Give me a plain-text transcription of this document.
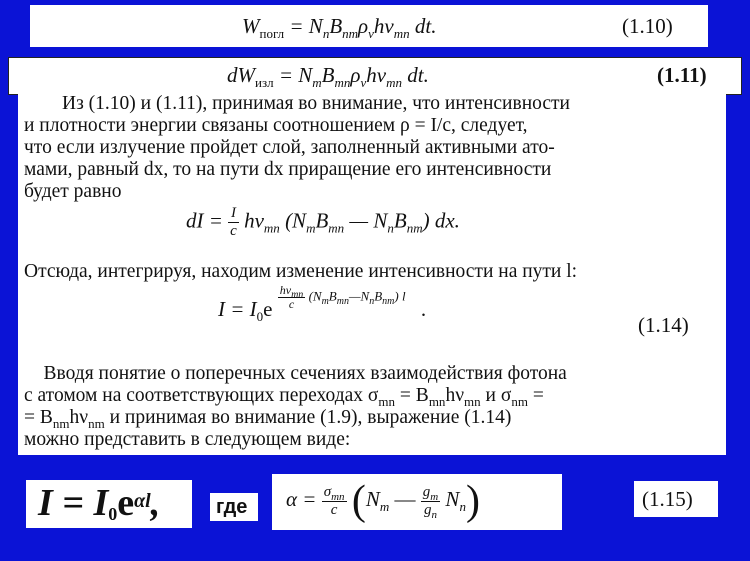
$W_{погл} = N_nB_{nm}\rho_\nu h\nu_{mn}$ dt.	(1.10)
$dW_{изл} = N_mB_{mn}\rho_\nu h\nu_{mn}$ dt.	(1.11)
Из (1.10) и (1.11), принимая во внимание, что интенсивности
и плотности энергии связаны соотношением ρ = I/c, следует,
что если излучение пройдет слой, заполненный активными ато-
мами, равный dx, то на пути dx приращение его интенсивности
будет равно
dI = $\frac{I}{c} h\nu_{mn}$ ($N_mB_{mn}$ — $N_nB_{nm}$) dx.
Отсюда, интегрируя, находим изменение интенсивности на пути l:
$I = I_0e \frac{h\nu_{mn}}{c}$ $(N_mB_{mn}—N_nB_{nm})$ l .
(1.14)
Вводя понятие о поперечных сечениях взаимодействия фотона
с атомом на соответствующих переходах $\sigma_{mn} = B_{mn}h\nu_{mn}$ и $\sigma_{nm}$ =
= $B_{nm}h\nu_{nm}$ и принимая во внимание (1.9), выражение (1.14)
можно представить в следующем виде:
$I = I_0e^{\alpha l}$,	где $\alpha = \frac{\sigma_{mn}}{c} (N_m$ — $\frac{g_m}{g_n} N_n$)	(1.15)
